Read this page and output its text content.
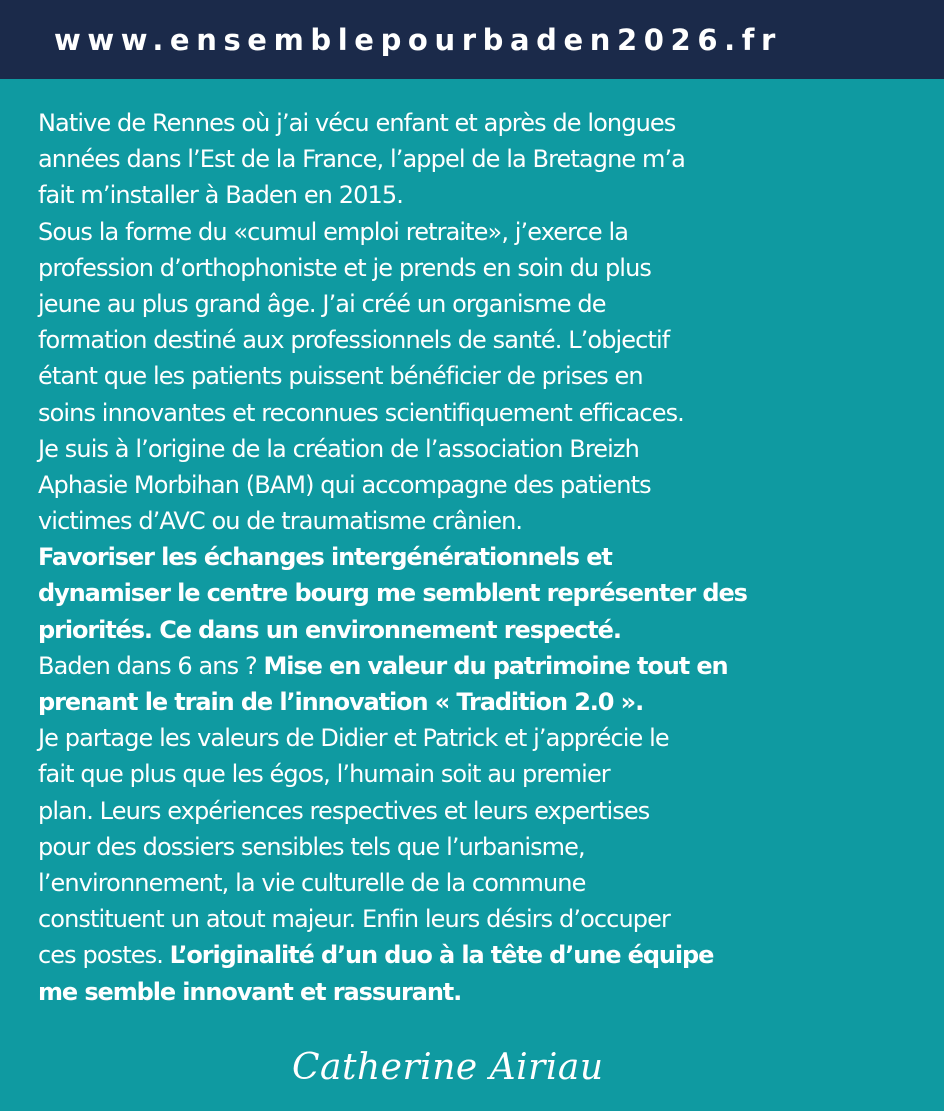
www.ensemblepourbaden2026.fr
Native de Rennes où j’ai vécu enfant et après de longues
années dans l’Est de la France, l’appel de la Bretagne m’a
fait m’installer à Baden en 2015.
Sous la forme du «cumul emploi retraite», j’exerce la
profession d’orthophoniste et je prends en soin du plus
jeune au plus grand âge. J’ai créé un organisme de
formation destiné aux professionnels de santé. L’objectif
étant que les patients puissent bénéficier de prises en
soins innovantes et reconnues scientifiquement efficaces.
Je suis à l’origine de la création de l’association Breizh
Aphasie Morbihan (BAM) qui accompagne des patients
victimes d’AVC ou de traumatisme crânien.
Favoriser les échanges intergénérationnels et
dynamiser le centre bourg me semblent représenter des
priorités. Ce dans un environnement respecté.
Baden dans 6 ans ? Mise en valeur du patrimoine tout en
prenant le train de l’innovation « Tradition 2.0 ».
Je partage les valeurs de Didier et Patrick et j’apprécie le
fait que plus que les égos, l’humain soit au premier
plan. Leurs expériences respectives et leurs expertises
pour des dossiers sensibles tels que l’urbanisme,
l’environnement, la vie culturelle de la commune
constituent un atout majeur. Enfin leurs désirs d’occuper
ces postes. L’originalité d’un duo à la tête d’une équipe
me semble innovant et rassurant.
Catherine Airiau
